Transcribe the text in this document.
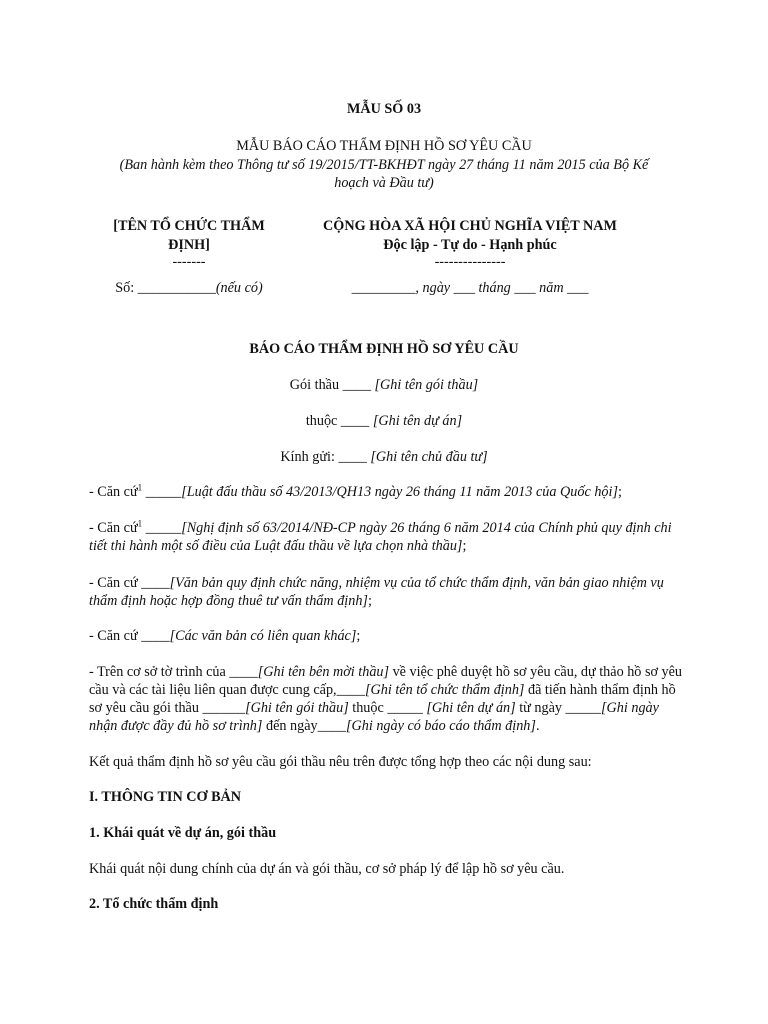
MẪU SỐ 03
MẪU BÁO CÁO THẨM ĐỊNH HỒ SƠ YÊU CẦU
(Ban hành kèm theo Thông tư số 19/2015/TT-BKHĐT ngày 27 tháng 11 năm 2015 của Bộ Kế
hoạch và Đầu tư)
[TÊN TỔ CHỨC THẨM
ĐỊNH]
-------
Số: ___________(nếu có)
CỘNG HÒA XÃ HỘI CHỦ NGHĨA VIỆT NAM
Độc lập - Tự do - Hạnh phúc
---------------
_________, ngày ___ tháng ___ năm ___
BÁO CÁO THẨM ĐỊNH HỒ SƠ YÊU CẦU
Gói thầu ____ [Ghi tên gói thầu]
thuộc ____ [Ghi tên dự án]
Kính gửi: ____ [Ghi tên chủ đầu tư]
- Căn cứ$^1$ _____[Luật đấu thầu số 43/2013/QH13 ngày 26 tháng 11 năm 2013 của Quốc hội];
- Căn cứ$^1$ _____[Nghị định số 63/2014/NĐ-CP ngày 26 tháng 6 năm 2014 của Chính phủ quy định chi tiết thi hành một số điều của Luật đấu thầu về lựa chọn nhà thầu];
- Căn cứ ____[Văn bản quy định chức năng, nhiệm vụ của tổ chức thẩm định, văn bản giao nhiệm vụ thẩm định hoặc hợp đồng thuê tư vấn thẩm định];
- Căn cứ ____[Các văn bản có liên quan khác];
- Trên cơ sở tờ trình của ____[Ghi tên bên mời thầu] về việc phê duyệt hồ sơ yêu cầu, dự thảo hồ sơ yêu cầu và các tài liệu liên quan được cung cấp,____[Ghi tên tổ chức thẩm định] đã tiến hành thẩm định hồ sơ yêu cầu gói thầu ______[Ghi tên gói thầu] thuộc _____ [Ghi tên dự án] từ ngày _____[Ghi ngày nhận được đầy đủ hồ sơ trình] đến ngày____[Ghi ngày có báo cáo thẩm định].
Kết quả thẩm định hồ sơ yêu cầu gói thầu nêu trên được tổng hợp theo các nội dung sau:
I. THÔNG TIN CƠ BẢN
1. Khái quát về dự án, gói thầu
Khái quát nội dung chính của dự án và gói thầu, cơ sở pháp lý để lập hồ sơ yêu cầu.
2. Tổ chức thẩm định
